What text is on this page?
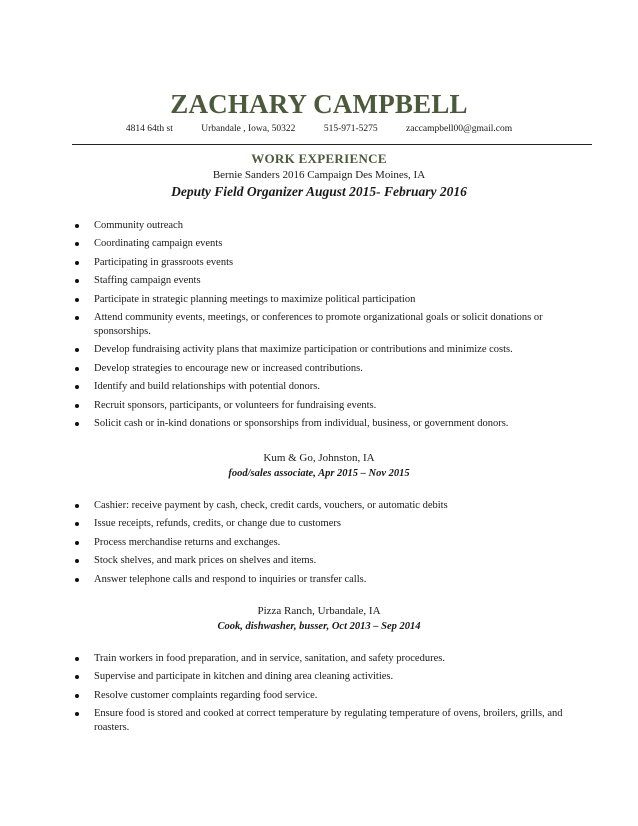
ZACHARY CAMPBELL
4814 64th st	Urbandale , Iowa, 50322	515-971-5275	zaccampbell00@gmail.com
WORK EXPERIENCE
Bernie Sanders 2016 Campaign Des Moines, IA
Deputy Field Organizer August 2015- February 2016
Community outreach
Coordinating campaign events
Participating in grassroots events
Staffing campaign events
Participate in strategic planning meetings to maximize political participation
Attend community events, meetings, or conferences to promote organizational goals or solicit donations or sponsorships.
Develop fundraising activity plans that maximize participation or contributions and minimize costs.
Develop strategies to encourage new or increased contributions.
Identify and build relationships with potential donors.
Recruit sponsors, participants, or volunteers for fundraising events.
Solicit cash or in-kind donations or sponsorships from individual, business, or government donors.
Kum & Go, Johnston, IA
food/sales associate, Apr 2015 – Nov 2015
Cashier: receive payment by cash, check, credit cards, vouchers, or automatic debits
Issue receipts, refunds, credits, or change due to customers
Process merchandise returns and exchanges.
Stock shelves, and mark prices on shelves and items.
Answer telephone calls and respond to inquiries or transfer calls.
Pizza Ranch, Urbandale, IA
Cook, dishwasher, busser, Oct 2013 – Sep 2014
Train workers in food preparation, and in service, sanitation, and safety procedures.
Supervise and participate in kitchen and dining area cleaning activities.
Resolve customer complaints regarding food service.
Ensure food is stored and cooked at correct temperature by regulating temperature of ovens, broilers, grills, and roasters.
